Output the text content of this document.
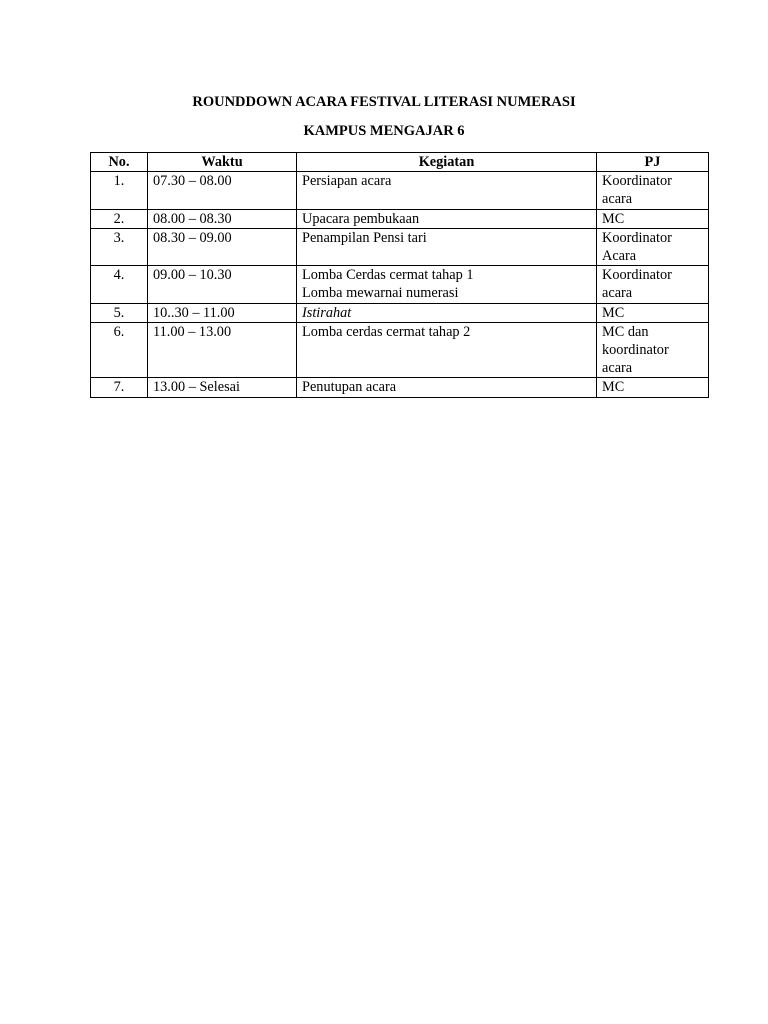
ROUNDDOWN ACARA FESTIVAL LITERASI NUMERASI
KAMPUS MENGAJAR 6
No.	Waktu	Kegiatan	PJ
1.	07.30 – 08.00	Persiapan acara	Koordinator
acara

2.	08.00 – 08.30	Upacara pembukaan	MC

3.	08.30 – 09.00	Penampilan Pensi tari	Koordinator
Acara

4.	09.00 – 10.30	Lomba Cerdas cermat tahap 1
Lomba mewarnai numerasi	Koordinator
acara

5.	10..30 – 11.00	Istirahat	MC

6.	11.00 – 13.00	Lomba cerdas cermat tahap 2	MC dan
koordinator
acara

7.	13.00 – Selesai	Penutupan acara	MC
